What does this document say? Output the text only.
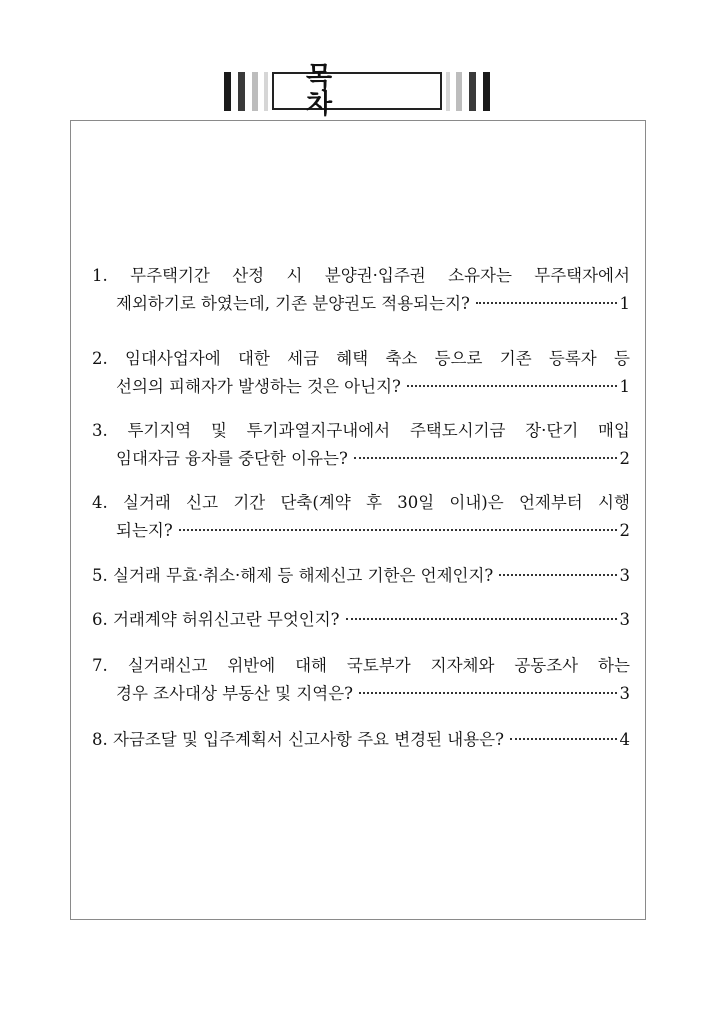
목 차
1. 무주택기간 산정 시 분양권·입주권 소유자는 무주택자에서
제외하기로 하였는데, 기존 분양권도 적용되는지?	1
2. 임대사업자에 대한 세금 혜택 축소 등으로 기존 등록자 등
선의의 피해자가 발생하는 것은 아닌지?	1
3. 투기지역 및 투기과열지구내에서 주택도시기금 장·단기 매입
임대자금 융자를 중단한 이유는?	2
4. 실거래 신고 기간 단축(계약 후 30일 이내)은 언제부터 시행
되는지?	2
5. 실거래 무효·취소·해제 등 해제신고 기한은 언제인지?	3
6. 거래계약 허위신고란 무엇인지?	3
7. 실거래신고 위반에 대해 국토부가 지자체와 공동조사 하는
경우 조사대상 부동산 및 지역은?	3
8. 자금조달 및 입주계획서 신고사항 주요 변경된 내용은?	4
